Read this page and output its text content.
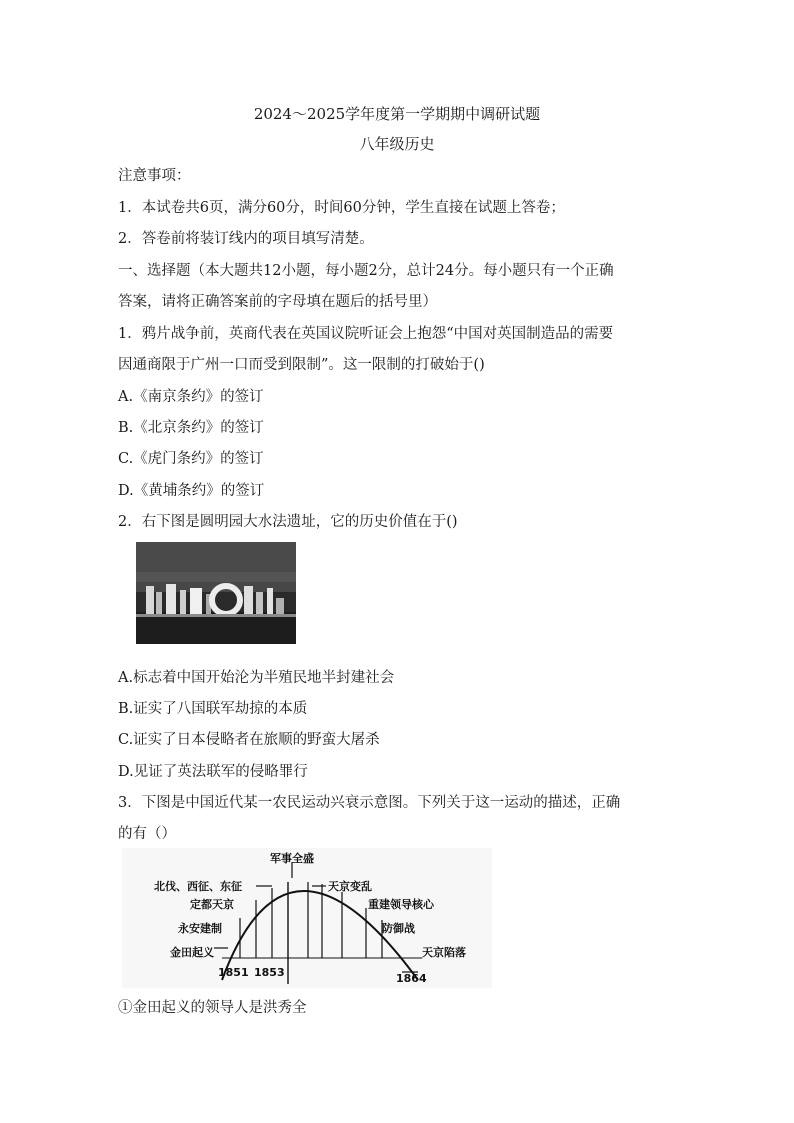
2024～2025学年度第一学期期中调研试题
八年级历史
注意事项：
1．本试卷共6页，满分60分，时间60分钟，学生直接在试题上答卷；
2．答卷前将装订线内的项目填写清楚。
一、选择题（本大题共12小题，每小题2分，总计24分。每小题只有一个正确
答案，请将正确答案前的字母填在题后的括号里）
1．鸦片战争前，英商代表在英国议院听证会上抱怨“中国对英国制造品的需要
因通商限于广州一口而受到限制”。这一限制的打破始于()
A.《南京条约》的签订
B.《北京条约》的签订
C.《虎门条约》的签订
D.《黄埔条约》的签订
2．右下图是圆明园大水法遗址，它的历史价值在于()
A.标志着中国开始沦为半殖民地半封建社会
B.证实了八国联军劫掠的本质
C.证实了日本侵略者在旅顺的野蛮大屠杀
D.见证了英法联军的侵略罪行
3．下图是中国近代某一农民运动兴衰示意图。下列关于这一运动的描述，正确
的有（）
军事全盛
北伐、西征、东征
定都天京
永安建制
金田起义
天京变乱
重建领导核心
防御战
天京陷落
1851 1853	1864
①金田起义的领导人是洪秀全
